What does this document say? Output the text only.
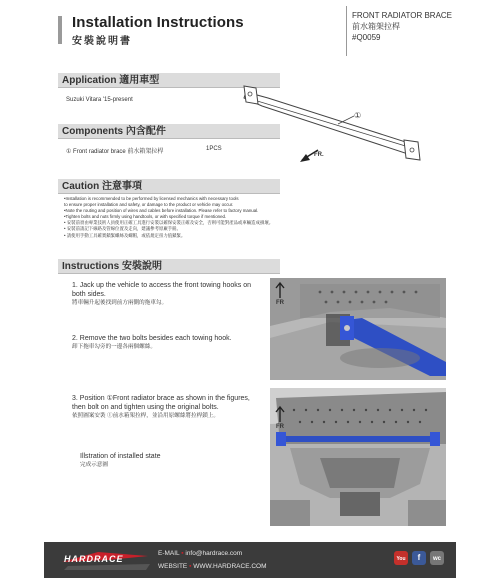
Installation Instructions
安裝說明書
FRONT RADIATOR BRACE
前水箱架拉桿
#Q0059
Application 適用車型
Suzuki Vitara '15-present
Components 內含配件
① Front radiator brace 前水箱架拉桿	1PCS
①
FR.
Caution 注意事項
•Installation is recommended to be performed by licensed mechanics with necessary tools
to ensure proper installation and safety, or damage to the product or vehicle may occur.
•Note the routing and position of wires and cables before installation. Please refer to factory manual.
•Tighten bolts and nuts firmly using handtools, or with specified torque if mentioned.
• 安裝前須由專業技術人員使用正確工具進行安裝以確保安裝正確及安全，否則可能對產品或車輛造成損壞。
• 安裝前請記下線路及管線位置及走向，建議參考原廠手冊。
• 請使用手動工具確實鎖緊螺絲及螺帽，或依規定扭力值鎖緊。
Instructions 安裝說明
1. Jack up the vehicle to access the front towing hooks on
both sides.
將車輛升起後找到前方兩側的拖車勾。
2. Remove the two bolts besides each towing hook.
卸下拖車勾旁的一邊各兩個螺絲。
3. Position ①Front radiator brace as shown in the figures,
then bolt on and tighten using the original bolts.
依照圖案安裝 ①前水箱架拉桿，並沿用原螺絲將拉桿鎖上。
Illstration of installed state
完成示意圖
FR
FR
HARDRACE
E-MAIL ▪ info@hardrace.com
WEBSITE ▪ WWW.HARDRACE.COM
You	f	wc
